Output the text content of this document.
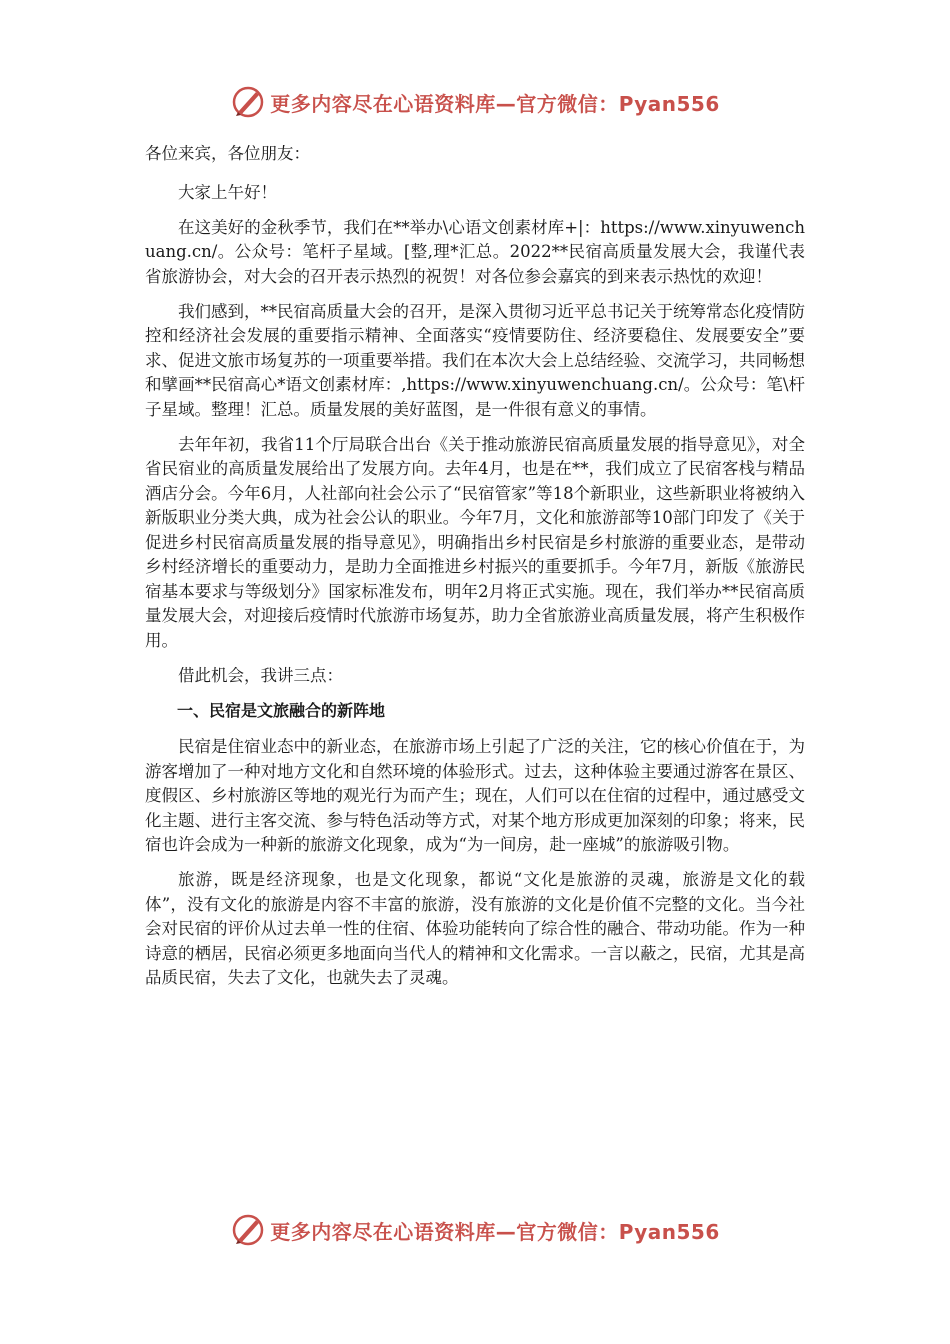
更多内容尽在心语资料库—官方微信：Pyan556

各位来宾，各位朋友：

大家上午好！

在这美好的金秋季节，我们在**举办\心语文创素材库+|：https://www.xinyuwenchuang.cn/。公众号：笔杆子星域。[整,理*汇总。2022**民宿高质量发展大会，我谨代表省旅游协会，对大会的召开表示热烈的祝贺！对各位参会嘉宾的到来表示热忱的欢迎！

我们感到，**民宿高质量大会的召开，是深入贯彻习近平总书记关于统筹常态化疫情防控和经济社会发展的重要指示精神、全面落实“疫情要防住、经济要稳住、发展要安全”要求、促进文旅市场复苏的一项重要举措。我们在本次大会上总结经验、交流学习，共同畅想和擘画**民宿高心*语文创素材库：,https://www.xinyuwenchuang.cn/。公众号：笔\杆子星域。整理！汇总。质量发展的美好蓝图，是一件很有意义的事情。

去年年初，我省11个厅局联合出台《关于推动旅游民宿高质量发展的指导意见》，对全省民宿业的高质量发展给出了发展方向。去年4月，也是在**，我们成立了民宿客栈与精品酒店分会。今年6月，人社部向社会公示了“民宿管家”等18个新职业，这些新职业将被纳入新版职业分类大典，成为社会公认的职业。今年7月，文化和旅游部等10部门印发了《关于促进乡村民宿高质量发展的指导意见》，明确指出乡村民宿是乡村旅游的重要业态，是带动乡村经济增长的重要动力，是助力全面推进乡村振兴的重要抓手。今年7月，新版《旅游民宿基本要求与等级划分》国家标准发布，明年2月将正式实施。现在，我们举办**民宿高质量发展大会，对迎接后疫情时代旅游市场复苏，助力全省旅游业高质量发展，将产生积极作用。

借此机会，我讲三点：

一、民宿是文旅融合的新阵地

民宿是住宿业态中的新业态，在旅游市场上引起了广泛的关注，它的核心价值在于，为游客增加了一种对地方文化和自然环境的体验形式。过去，这种体验主要通过游客在景区、度假区、乡村旅游区等地的观光行为而产生；现在，人们可以在住宿的过程中，通过感受文化主题、进行主客交流、参与特色活动等方式，对某个地方形成更加深刻的印象；将来，民宿也许会成为一种新的旅游文化现象，成为“为一间房，赴一座城”的旅游吸引物。

旅游，既是经济现象，也是文化现象，都说“文化是旅游的灵魂，旅游是文化的载体”，没有文化的旅游是内容不丰富的旅游，没有旅游的文化是价值不完整的文化。当今社会对民宿的评价从过去单一性的住宿、体验功能转向了综合性的融合、带动功能。作为一种诗意的栖居，民宿必须更多地面向当代人的精神和文化需求。一言以蔽之，民宿，尤其是高品质民宿，失去了文化，也就失去了灵魂。

更多内容尽在心语资料库—官方微信：Pyan556
